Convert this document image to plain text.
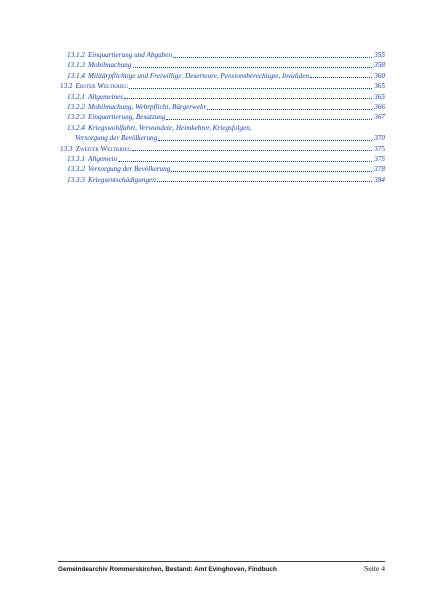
13.1.2 Einquartierung und Abgaben	355
13.1.3 Mobilmachung	358
13.1.4 Militärpflichtige und Freiwillige, Deserteure, Pensionsberechtigte, Invaliden	360
13.2 Erster Weltkrieg	365
13.2.1 Allgemeines	365
13.2.2 Mobilmachung, Wehrpflicht, Bürgerwehr	366
13.2.3 Einquartierung, Besatzung	367
13.2.4 Kriegswohlfahrt, Verwundete, Heimkehrer, Kriegsfolgen,
Versorgung der Bevölkerung	370
13.3 Zweiter Weltkrieg	375
13.3.1 Allgemein	375
13.3.2 Versorgung der Bevölkerung	378
13.3.3 Kriegsentschädigungen	384
Gemeindearchiv Rommerskirchen, Bestand: Amt Evinghoven, Findbuch	Seite 4
